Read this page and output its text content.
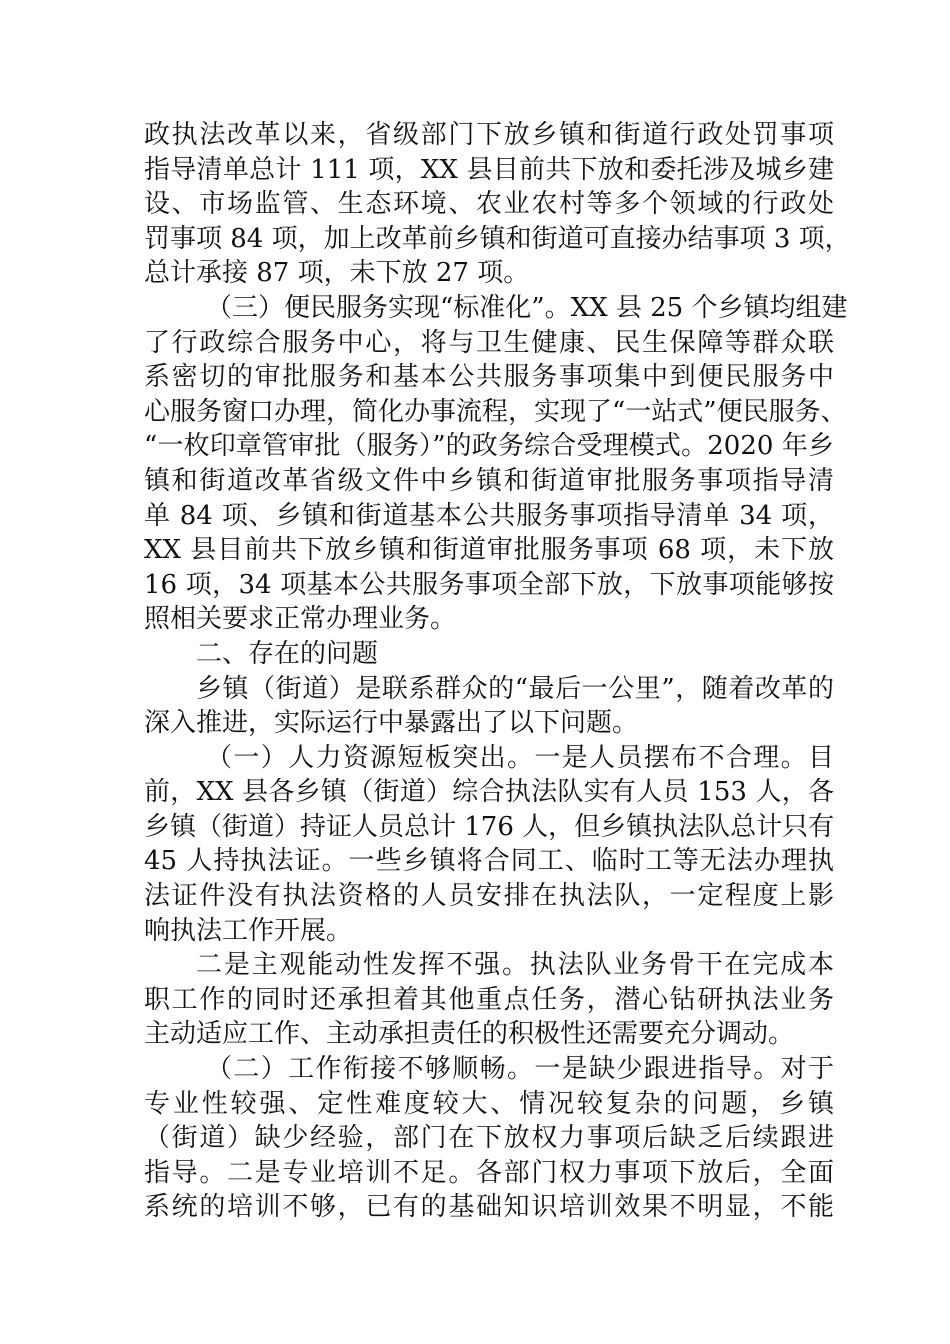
政执法改革以来，省级部门下放乡镇和街道行政处罚事项
指导清单总计 111 项，XX 县目前共下放和委托涉及城乡建
设、市场监管、生态环境、农业农村等多个领域的行政处
罚事项 84 项，加上改革前乡镇和街道可直接办结事项 3 项，
总计承接 87 项，未下放 27 项。
（三）便民服务实现“标准化”。XX 县 25 个乡镇均组建
了行政综合服务中心，将与卫生健康、民生保障等群众联
系密切的审批服务和基本公共服务事项集中到便民服务中
心服务窗口办理，简化办事流程，实现了“一站式”便民服务、
“一枚印章管审批（服务）”的政务综合受理模式。2020 年乡
镇和街道改革省级文件中乡镇和街道审批服务事项指导清
单 84 项、乡镇和街道基本公共服务事项指导清单 34 项，
XX 县目前共下放乡镇和街道审批服务事项 68 项，未下放
16 项，34 项基本公共服务事项全部下放，下放事项能够按
照相关要求正常办理业务。
二、存在的问题
乡镇（街道）是联系群众的“最后一公里”，随着改革的
深入推进，实际运行中暴露出了以下问题。
（一）人力资源短板突出。一是人员摆布不合理。目
前，XX 县各乡镇（街道）综合执法队实有人员 153 人，各
乡镇（街道）持证人员总计 176 人，但乡镇执法队总计只有
45 人持执法证。一些乡镇将合同工、临时工等无法办理执
法证件没有执法资格的人员安排在执法队，一定程度上影
响执法工作开展。
二是主观能动性发挥不强。执法队业务骨干在完成本
职工作的同时还承担着其他重点任务，潜心钻研执法业务
主动适应工作、主动承担责任的积极性还需要充分调动。
（二）工作衔接不够顺畅。一是缺少跟进指导。对于
专业性较强、定性难度较大、情况较复杂的问题，乡镇
（街道）缺少经验，部门在下放权力事项后缺乏后续跟进
指导。二是专业培训不足。各部门权力事项下放后，全面
系统的培训不够，已有的基础知识培训效果不明显，不能
